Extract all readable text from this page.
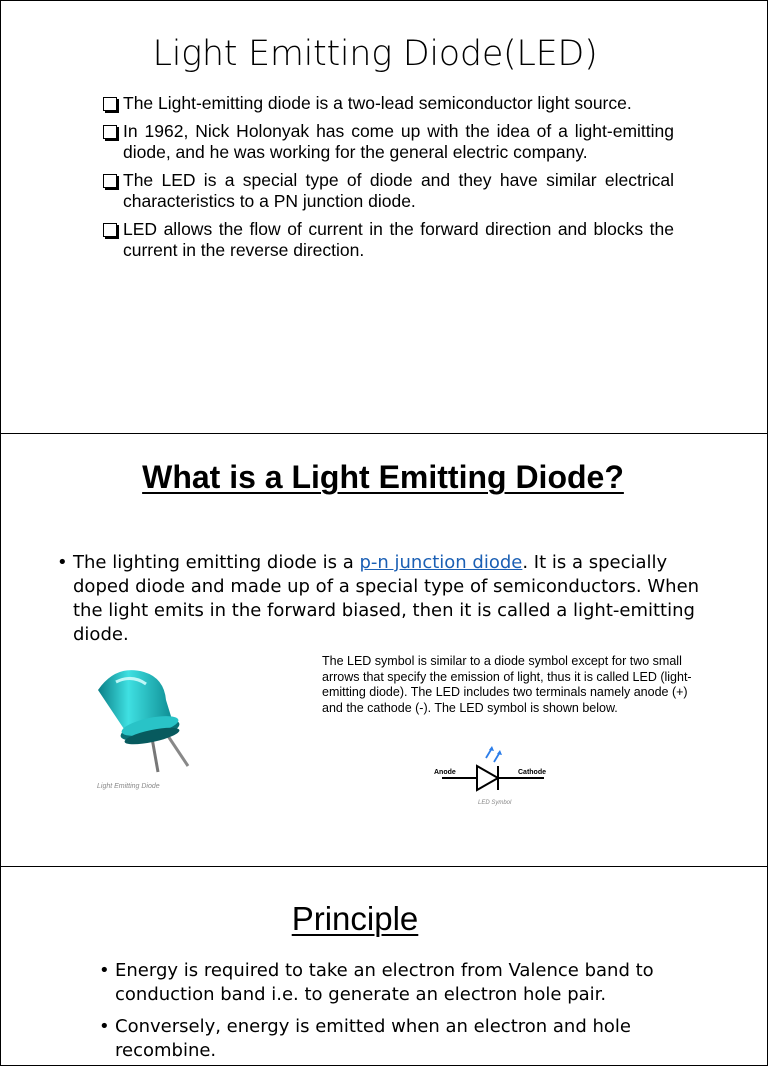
Light Emitting Diode(LED)
The Light-emitting diode is a two-lead semiconductor light source.
In 1962, Nick Holonyak has come up with the idea of a light-emitting diode, and he was working for the general electric company.
The LED is a special type of diode and they have similar electrical characteristics to a PN junction diode.
LED allows the flow of current in the forward direction and blocks the current in the reverse direction.
What is a Light Emitting Diode?
• The lighting emitting diode is a p-n junction diode. It is a specially doped diode and made up of a special type of semiconductors. When the light emits in the forward biased, then it is called a light-emitting diode.
Light Emitting Diode
The LED symbol is similar to a diode symbol except for two small arrows that specify the emission of light, thus it is called LED (light-emitting diode). The LED includes two terminals namely anode (+) and the cathode (-). The LED symbol is shown below.
Anode	Cathode
LED Symbol
Principle
• Energy is required to take an electron from Valence band to conduction band i.e. to generate an electron hole pair.
• Conversely, energy is emitted when an electron and hole recombine.
